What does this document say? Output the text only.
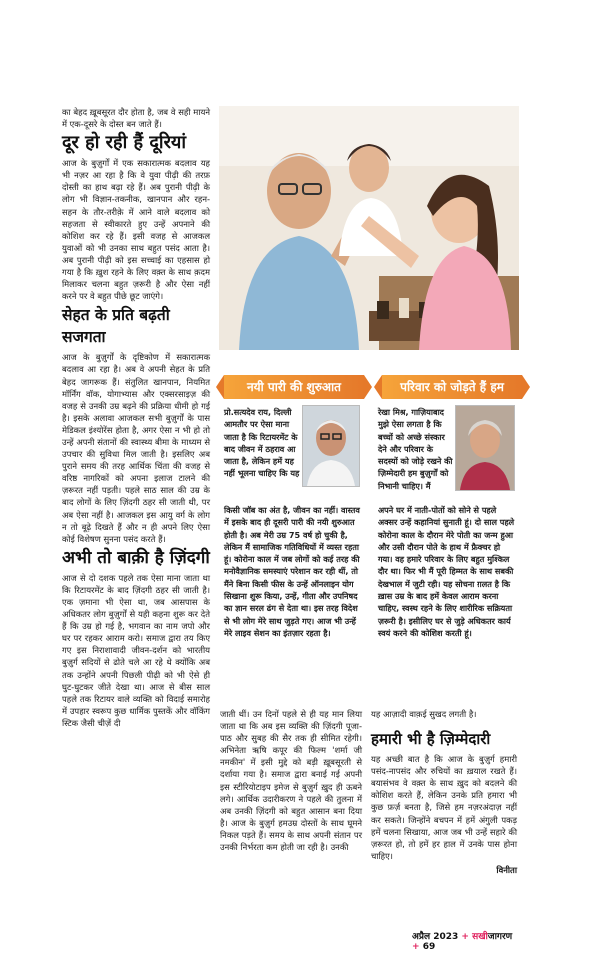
का बेहद ख़ूबसूरत दौर होता है, जब वे सही मायने में एक-दूसरे के दोस्त बन जाते हैं।

दूर हो रही हैं दूरियां

आज के बुज़ुर्गों में एक सकारात्मक बदलाव यह भी नज़र आ रहा है कि वे युवा पीढ़ी की तरफ़ दोस्ती का हाथ बढ़ा रहे हैं। अब पुरानी पीढ़ी के लोग भी विज्ञान-तकनीक, खानपान और रहन-सहन के तौर-तरीक़े में आने वाले बदलाव को सहजता से स्वीकारते हुए उन्हें अपनाने की कोशिश कर रहे हैं। इसी वजह से आजकल युवाओं को भी उनका साथ बहुत पसंद आता है। अब पुरानी पीढ़ी को इस सच्चाई का एहसास हो गया है कि ख़ुश रहने के लिए वक़्त के साथ क़दम मिलाकर चलना बहुत ज़रूरी है और ऐसा नहीं करने पर वे बहुत पीछे छूट जाएंगे।

सेहत के प्रति बढ़ती सजगता

आज के बुज़ुर्गों के दृष्टिकोण में सकारात्मक बदलाव आ रहा है। अब वे अपनी सेहत के प्रति बेहद जागरूक हैं। संतुलित खानपान, नियमित मॉर्निंग वॉक, योगाभ्यास और एक्सरसाइज़ की वजह से उनकी उम्र बढ़ने की प्रक्रिया धीमी हो गई है। इसके अलावा आजकल सभी बुज़ुर्गों के पास मेडिकल इंश्योरेंस होता है, अगर ऐसा न भी हो तो उन्हें अपनी संतानों की स्वास्थ्य बीमा के माध्यम से उपचार की सुविधा मिल जाती है। इसलिए अब पुराने समय की तरह आर्थिक चिंता की वजह से वरिष्ठ नागरिकों को अपना इलाज टालने की ज़रूरत नहीं पड़ती। पहले साठ साल की उम्र के बाद लोगों के लिए ज़िंदगी ठहर सी जाती थी, पर अब ऐसा नहीं है। आजकल इस आयु वर्ग के लोग न तो बूढ़े दिखते हैं और न ही अपने लिए ऐसा कोई विशेषण सुनना पसंद करते हैं।

अभी तो बाक़ी है ज़िंदगी

आज से दो दशक पहले तक ऐसा माना जाता था कि रिटायरमेंट के बाद ज़िंदगी ठहर सी जाती है। एक ज़माना भी ऐसा था, जब आसपास के अधिकतर लोग बुज़ुर्गों से यही कहना शुरू कर देते हैं कि उम्र हो गई है, भगवान का नाम जपो और घर पर रहकर आराम करो। समाज द्वारा तय किए गए इस निराशावादी जीवन-दर्शन को भारतीय बुज़ुर्ग सदियों से ढोते चले आ रहे थे क्योंकि अब तक उन्होंने अपनी पिछली पीढ़ी को भी ऐसे ही घुट-घुटकर जीते देखा था। आज से बीस साल पहले तक रिटायर वाले व्यक्ति को विदाई समारोह में उपहार स्वरूप कुछ धार्मिक पुस्तकें और वॉकिंग स्टिक जैसी चीज़ें दी

नयी पारी की शुरुआत

प्रो.सत्यदेव राय, दिल्ली

आमतौर पर ऐसा माना जाता है कि रिटायरमेंट के बाद जीवन में ठहराव आ जाता है, लेकिन हमें यह नहीं भूलना चाहिए कि यह

किसी जॉब का अंत है, जीवन का नहीं। वास्तव में इसके बाद ही दूसरी पारी की नयी शुरुआत होती है। अब मेरी उम्र 75 वर्ष हो चुकी है, लेकिन मैं सामाजिक गतिविधियों में व्यस्त रहता हूं। कोरोना काल में जब लोगों को कई तरह की मनोवैज्ञानिक समस्याएं परेशान कर रही थीं, तो मैंने बिना किसी फीस के उन्हें ऑनलाइन योग सिखाना शुरू किया, उन्हें, गीता और उपनिषद का ज्ञान सरल ढंग से देता था। इस तरह विदेश से भी लोग मेरे साथ जुड़ते गए। आज भी उन्हें मेरे लाइव सेशन का इंतज़ार रहता है।

परिवार को जोड़ते हैं हम

रेखा मिश्र, गाज़ियाबाद

मुझे ऐसा लगता है कि बच्चों को अच्छे संस्कार देने और परिवार के सदस्यों को जोड़े रखने की ज़िम्मेदारी हम बुज़ुर्गों को निभानी चाहिए। मैं

अपने घर में नाती-पोतों को सोने से पहले अक्सर उन्हें कहानियां सुनाती हूं। दो साल पहले कोरोना काल के दौरान मेरे पोती का जन्म हुआ और उसी दौरान पोते के हाथ में फ्रैक्चर हो गया। वह हमारे परिवार के लिए बहुत मुश्किल दौर था। फिर भी मैं पूरी हिम्मत के साथ सबकी देखभाल में जुटी रही। यह सोचना ग़लत है कि ख़ास उम्र के बाद हमें केवल आराम करना चाहिए, स्वस्थ रहने के लिए शारीरिक सक्रियता ज़रूरी है। इसीलिए घर से जुड़े अधिकतर कार्य स्वयं करने की कोशिश करती हूं।

जाती थीं। उन दिनों पहले से ही यह मान लिया जाता था कि अब इस व्यक्ति की ज़िंदगी पूजा-पाठ और सुबह की सैर तक ही सीमित रहेगी। अभिनेता ऋषि कपूर की फिल्म 'शर्मा जी नमकीन' में इसी मुद्दे को बड़ी ख़ूबसूरती से दर्शाया गया है। समाज द्वारा बनाई गई अपनी इस स्टीरियोटाइप इमेज से बुज़ुर्ग ख़ुद ही ऊबने लगे। आर्थिक उदारीकरण ने पहले की तुलना में अब उनकी ज़िंदगी को बहुत आसान बना दिया है। आज के बुज़ुर्ग हमउम्र दोस्तों के साथ घूमने निकल पड़ते हैं। समय के साथ अपनी संतान पर उनकी निर्भरता कम होती जा रही है। उनकी

यह आज़ादी वाक़ई सुखद लगती है।

हमारी भी है ज़िम्मेदारी

यह अच्छी बात है कि आज के बुज़ुर्ग हमारी पसंद-नापसंद और रुचियों का ख़याल रखते हैं। बयासंभव वे वक़्त के साथ ख़ुद को बदलने की कोशिश करते हैं, लेकिन उनके प्रति हमारा भी कुछ फ़र्ज़ बनता है, जिसे हम नज़रअंदाज़ नहीं कर सकते। जिन्होंने बचपन में हमें अंगुली पकड़ हमें चलना सिखाया, आज जब भी उन्हें सहारे की ज़रूरत हो, तो हमें हर हाल में उनके पास होना चाहिए।

विनीता

अप्रैल 2023 + सखीजागरण + 69
